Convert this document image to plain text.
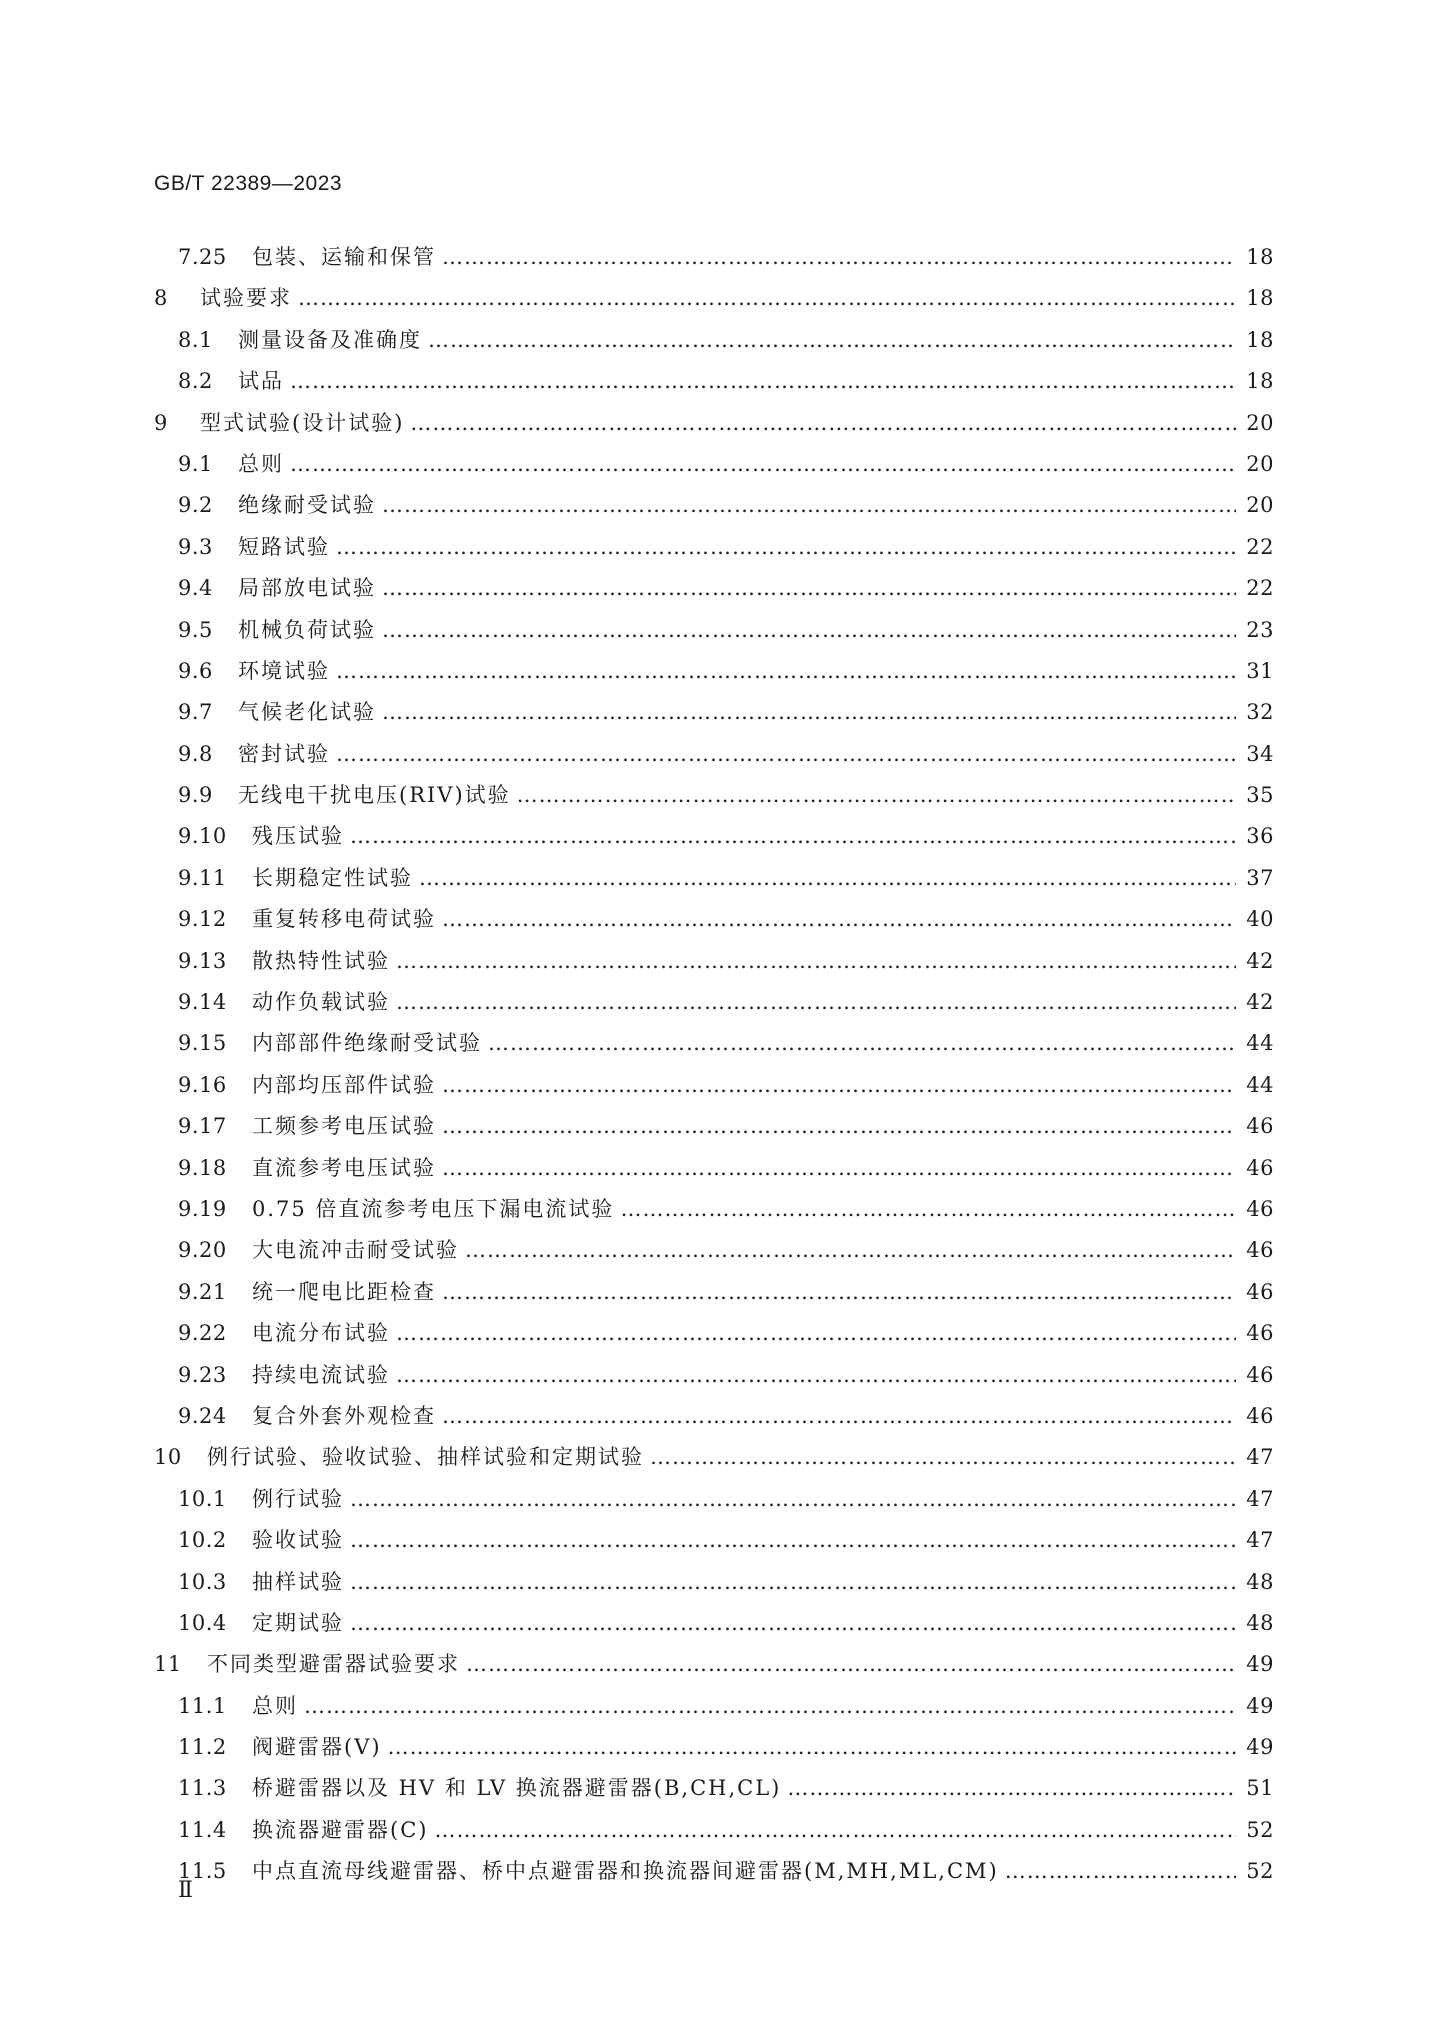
GB/T 22389—2023
7.25	包装、运输和保管 …………………………………………………………………………………………………………………………………………………………………………………………………………………	18
8	试验要求 …………………………………………………………………………………………………………………………………………………………………………………………………………………	18
8.1	测量设备及准确度 …………………………………………………………………………………………………………………………………………………………………………………………………………………	18
8.2	试品 …………………………………………………………………………………………………………………………………………………………………………………………………………………	18
9	型式试验(设计试验) …………………………………………………………………………………………………………………………………………………………………………………………………………………	20
9.1	总则 …………………………………………………………………………………………………………………………………………………………………………………………………………………	20
9.2	绝缘耐受试验 …………………………………………………………………………………………………………………………………………………………………………………………………………………	20
9.3	短路试验 …………………………………………………………………………………………………………………………………………………………………………………………………………………	22
9.4	局部放电试验 …………………………………………………………………………………………………………………………………………………………………………………………………………………	22
9.5	机械负荷试验 …………………………………………………………………………………………………………………………………………………………………………………………………………………	23
9.6	环境试验 …………………………………………………………………………………………………………………………………………………………………………………………………………………	31
9.7	气候老化试验 …………………………………………………………………………………………………………………………………………………………………………………………………………………	32
9.8	密封试验 …………………………………………………………………………………………………………………………………………………………………………………………………………………	34
9.9	无线电干扰电压(RIV)试验 …………………………………………………………………………………………………………………………………………………………………………………………………………………	35
9.10	残压试验 …………………………………………………………………………………………………………………………………………………………………………………………………………………	36
9.11	长期稳定性试验 …………………………………………………………………………………………………………………………………………………………………………………………………………………	37
9.12	重复转移电荷试验 …………………………………………………………………………………………………………………………………………………………………………………………………………………	40
9.13	散热特性试验 …………………………………………………………………………………………………………………………………………………………………………………………………………………	42
9.14	动作负载试验 …………………………………………………………………………………………………………………………………………………………………………………………………………………	42
9.15	内部部件绝缘耐受试验 …………………………………………………………………………………………………………………………………………………………………………………………………………………	44
9.16	内部均压部件试验 …………………………………………………………………………………………………………………………………………………………………………………………………………………	44
9.17	工频参考电压试验 …………………………………………………………………………………………………………………………………………………………………………………………………………………	46
9.18	直流参考电压试验 …………………………………………………………………………………………………………………………………………………………………………………………………………………	46
9.19	0.75 倍直流参考电压下漏电流试验 …………………………………………………………………………………………………………………………………………………………………………………………………………………	46
9.20	大电流冲击耐受试验 …………………………………………………………………………………………………………………………………………………………………………………………………………………	46
9.21	统一爬电比距检查 …………………………………………………………………………………………………………………………………………………………………………………………………………………	46
9.22	电流分布试验 …………………………………………………………………………………………………………………………………………………………………………………………………………………	46
9.23	持续电流试验 …………………………………………………………………………………………………………………………………………………………………………………………………………………	46
9.24	复合外套外观检查 …………………………………………………………………………………………………………………………………………………………………………………………………………………	46
10	例行试验、验收试验、抽样试验和定期试验 …………………………………………………………………………………………………………………………………………………………………………………………………………………	47
10.1	例行试验 …………………………………………………………………………………………………………………………………………………………………………………………………………………	47
10.2	验收试验 …………………………………………………………………………………………………………………………………………………………………………………………………………………	47
10.3	抽样试验 …………………………………………………………………………………………………………………………………………………………………………………………………………………	48
10.4	定期试验 …………………………………………………………………………………………………………………………………………………………………………………………………………………	48
11	不同类型避雷器试验要求 …………………………………………………………………………………………………………………………………………………………………………………………………………………	49
11.1	总则 …………………………………………………………………………………………………………………………………………………………………………………………………………………	49
11.2	阀避雷器(V) …………………………………………………………………………………………………………………………………………………………………………………………………………………	49
11.3	桥避雷器以及 HV 和 LV 换流器避雷器(B,CH,CL) …………………………………………………………………………………………………………………………………………………………………………………………………………………	51
11.4	换流器避雷器(C) …………………………………………………………………………………………………………………………………………………………………………………………………………………	52
11.5	中点直流母线避雷器、桥中点避雷器和换流器间避雷器(M,MH,ML,CM) …………………………………………………………………………………………………………………………………………………………………………………………………………………	52
Ⅱ
